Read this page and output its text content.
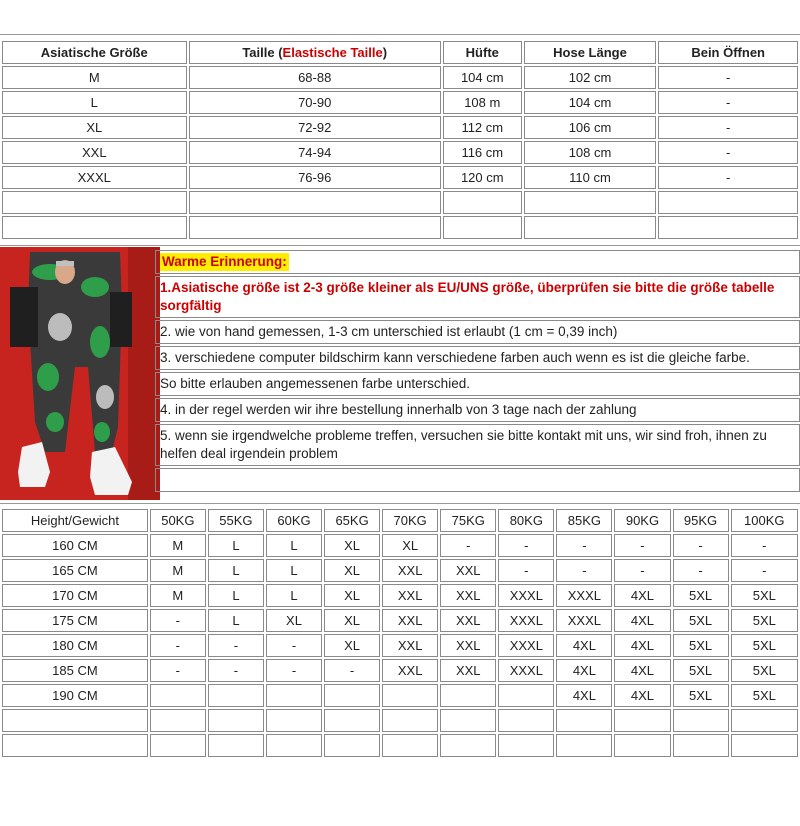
Asiatische Größe	Taille (Elastische Taille)	Hüfte	Hose Länge	Bein Öffnen
M	68-88	104 cm	102 cm	-
L	70-90	108 m	104 cm	-
XL	72-92	112 cm	106 cm	-
XXL	74-94	116 cm	108 cm	-
XXXL	76-96	120 cm	110 cm	-

Warme Erinnerung:
1.Asiatische größe ist 2-3 größe kleiner als EU/UNS größe, überprüfen sie bitte die größe tabelle sorgfältig
2. wie von hand gemessen, 1-3 cm unterschied ist erlaubt (1 cm = 0,39 inch)
3. verschiedene computer bildschirm kann verschiedene farben auch wenn es ist die gleiche farbe.
So bitte erlauben angemessenen farbe unterschied.
4. in der regel werden wir ihre bestellung innerhalb von 3 tage nach der zahlung
5. wenn sie irgendwelche probleme treffen, versuchen sie bitte kontakt mit uns, wir sind froh, ihnen zu helfen deal irgendein problem
Height/Gewicht	50KG	55KG	60KG	65KG	70KG	75KG	80KG	85KG	90KG	95KG	100KG
160 CM	M	L	L	XL	XL	-	-	-	-	-	-
165 CM	M	L	L	XL	XXL	XXL	-	-	-	-	-
170 CM	M	L	L	XL	XXL	XXL	XXXL	XXXL	4XL	5XL	5XL
175 CM	-	L	XL	XL	XXL	XXL	XXXL	XXXL	4XL	5XL	5XL
180 CM	-	-	-	XL	XXL	XXL	XXXL	4XL	4XL	5XL	5XL
185 CM	-	-	-	-	XXL	XXL	XXXL	4XL	4XL	5XL	5XL
190 CM								4XL	4XL	5XL	5XL
